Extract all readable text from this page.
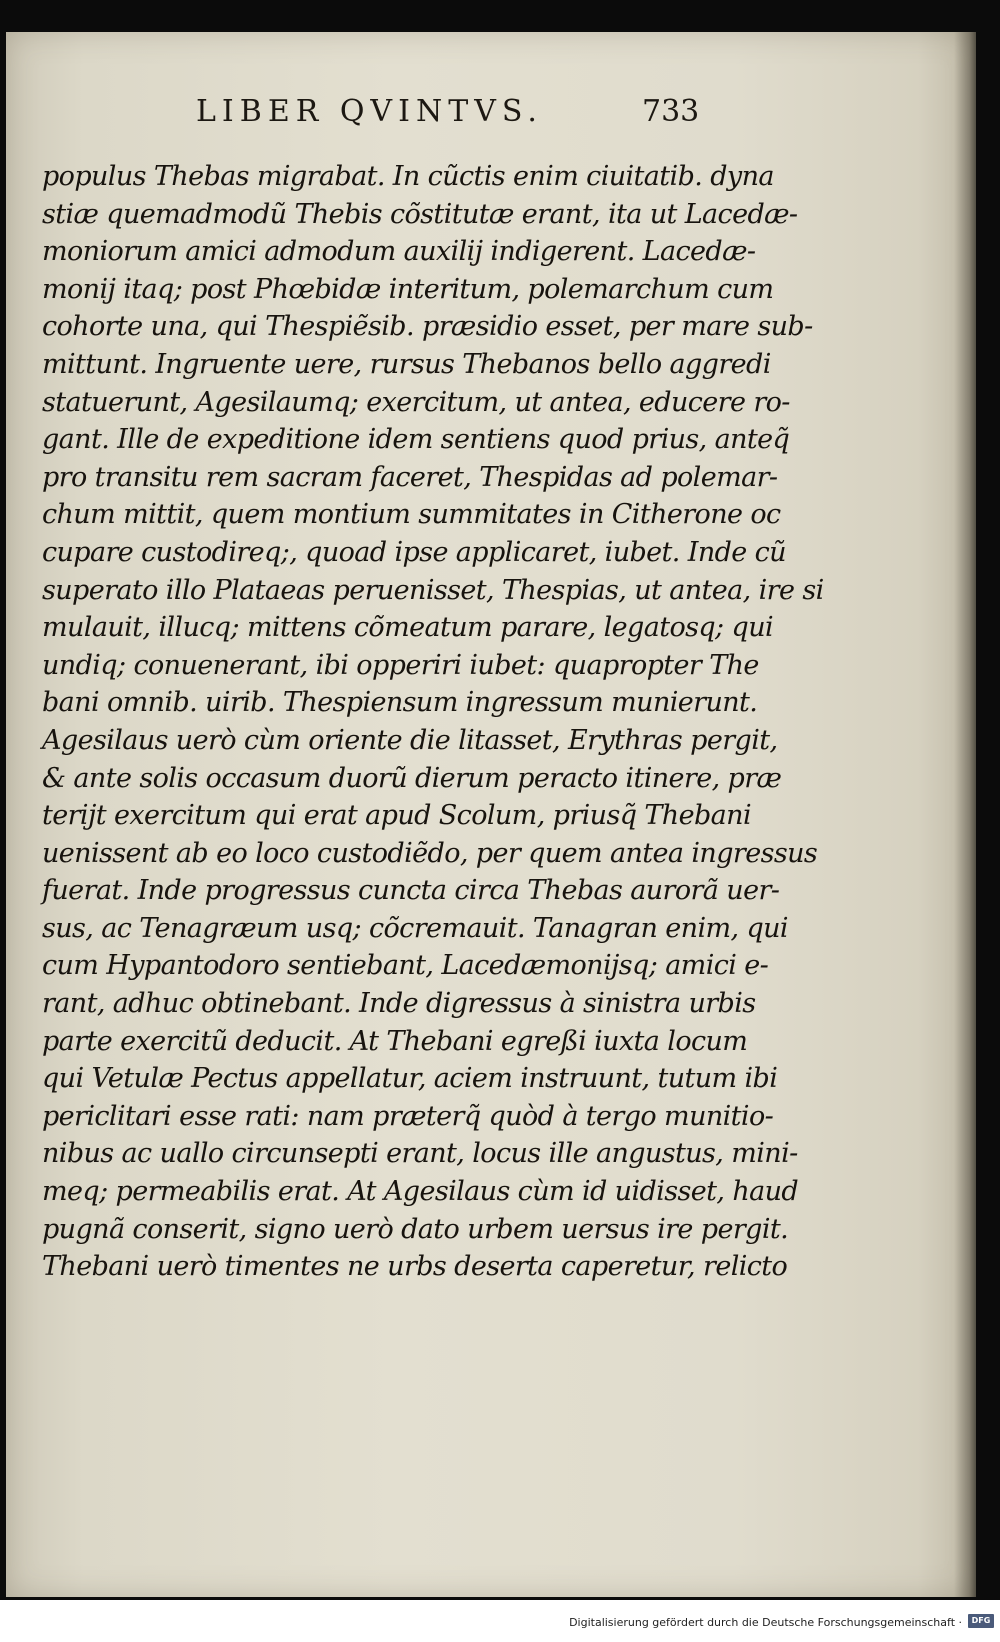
LIBER QVINTVS.	733
populus Thebas migrabat. In cũctis enim ciuitatib. dyna
stiæ quemadmodũ Thebis cõstitutæ erant, ita ut Lacedæ-
moniorum amici admodum auxilij indigerent. Lacedæ-
monij itaq; post Phœbidæ interitum, polemarchum cum
cohorte una, qui Thespiẽsib. præsidio esset, per mare sub-
mittunt. Ingruente uere, rursus Thebanos bello aggredi
statuerunt, Agesilaumq; exercitum, ut antea, educere ro-
gant. Ille de expeditione idem sentiens quod prius, anteq̃
pro transitu rem sacram faceret, Thespidas ad polemar-
chum mittit, quem montium summitates in Citherone oc
cupare custodireq;, quoad ipse applicaret, iubet. Inde cũ
superato illo Plataeas peruenisset, Thespias, ut antea, ire si
mulauit, illucq; mittens cõmeatum parare, legatosq; qui
undiq; conuenerant, ibi opperiri iubet: quapropter The
bani omnib. uirib. Thespiensum ingressum munierunt.
Agesilaus uerò cùm oriente die litasset, Erythras pergit,
& ante solis occasum duorũ dierum peracto itinere, præ
terijt exercitum qui erat apud Scolum, priusq̃ Thebani
uenissent ab eo loco custodiẽdo, per quem antea ingressus
fuerat. Inde progressus cuncta circa Thebas aurorã uer-
sus, ac Tenagræum usq; cõcremauit. Tanagran enim, qui
cum Hypantodoro sentiebant, Lacedæmonijsq; amici e-
rant, adhuc obtinebant. Inde digressus à sinistra urbis
parte exercitũ deducit. At Thebani egreßi iuxta locum
qui Vetulæ Pectus appellatur, aciem instruunt, tutum ibi
periclitari esse rati: nam præterq̃ quòd à tergo munitio-
nibus ac uallo circunsepti erant, locus ille angustus, mini-
meq; permeabilis erat. At Agesilaus cùm id uidisset, haud
pugnã conserit, signo uerò dato urbem uersus ire pergit.
Thebani uerò timentes ne urbs deserta caperetur, relicto
Digitalisierung gefördert durch die Deutsche Forschungsgemeinschaft ·	DFG
